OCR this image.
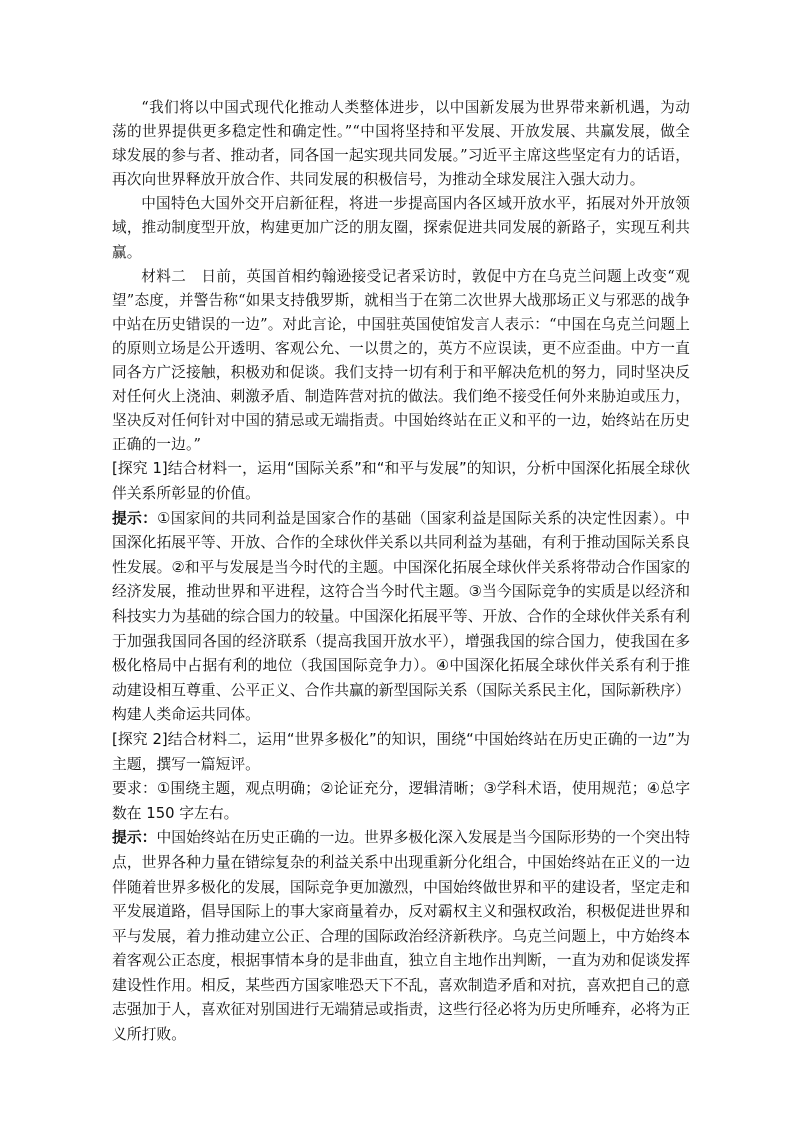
“我们将以中国式现代化推动人类整体进步，以中国新发展为世界带来新机遇，为动荡的世界提供更多稳定性和确定性。”“中国将坚持和平发展、开放发展、共赢发展，做全球发展的参与者、推动者，同各国一起实现共同发展。”习近平主席这些坚定有力的话语，再次向世界释放开放合作、共同发展的积极信号，为推动全球发展注入强大动力。

中国特色大国外交开启新征程，将进一步提高国内各区域开放水平，拓展对外开放领域，推动制度型开放，构建更加广泛的朋友圈，探索促进共同发展的新路子，实现互利共赢。

材料二　日前，英国首相约翰逊接受记者采访时，敦促中方在乌克兰问题上改变“观望”态度，并警告称“如果支持俄罗斯，就相当于在第二次世界大战那场正义与邪恶的战争中站在历史错误的一边”。对此言论，中国驻英国使馆发言人表示：“中国在乌克兰问题上的原则立场是公开透明、客观公允、一以贯之的，英方不应误读，更不应歪曲。中方一直同各方广泛接触，积极劝和促谈。我们支持一切有利于和平解决危机的努力，同时坚决反对任何火上浇油、刺激矛盾、制造阵营对抗的做法。我们绝不接受任何外来胁迫或压力，坚决反对任何针对中国的猜忌或无端指责。中国始终站在正义和平的一边，始终站在历史正确的一边。”

[探究 1]结合材料一，运用“国际关系”和“和平与发展”的知识，分析中国深化拓展全球伙伴关系所彰显的价值。

提示：①国家间的共同利益是国家合作的基础（国家利益是国际关系的决定性因素）。中国深化拓展平等、开放、合作的全球伙伴关系以共同利益为基础，有利于推动国际关系良性发展。②和平与发展是当今时代的主题。中国深化拓展全球伙伴关系将带动合作国家的经济发展，推动世界和平进程，这符合当今时代主题。③当今国际竞争的实质是以经济和科技实力为基础的综合国力的较量。中国深化拓展平等、开放、合作的全球伙伴关系有利于加强我国同各国的经济联系（提高我国开放水平），增强我国的综合国力，使我国在多极化格局中占据有利的地位（我国国际竞争力）。④中国深化拓展全球伙伴关系有利于推动建设相互尊重、公平正义、合作共赢的新型国际关系（国际关系民主化，国际新秩序）构建人类命运共同体。

[探究 2]结合材料二，运用“世界多极化”的知识，围绕“中国始终站在历史正确的一边”为主题，撰写一篇短评。

要求：①围绕主题，观点明确；②论证充分，逻辑清晰；③学科术语，使用规范；④总字数在 150 字左右。

提示：中国始终站在历史正确的一边。世界多极化深入发展是当今国际形势的一个突出特点，世界各种力量在错综复杂的利益关系中出现重新分化组合，中国始终站在正义的一边伴随着世界多极化的发展，国际竞争更加激烈，中国始终做世界和平的建设者，坚定走和平发展道路，倡导国际上的事大家商量着办，反对霸权主义和强权政治，积极促进世界和平与发展，着力推动建立公正、合理的国际政治经济新秩序。乌克兰问题上，中方始终本着客观公正态度，根据事情本身的是非曲直，独立自主地作出判断，一直为劝和促谈发挥建设性作用。相反，某些西方国家唯恐天下不乱，喜欢制造矛盾和对抗，喜欢把自己的意志强加于人，喜欢征对别国进行无端猜忌或指责，这些行径必将为历史所唾弃，必将为正义所打败。
